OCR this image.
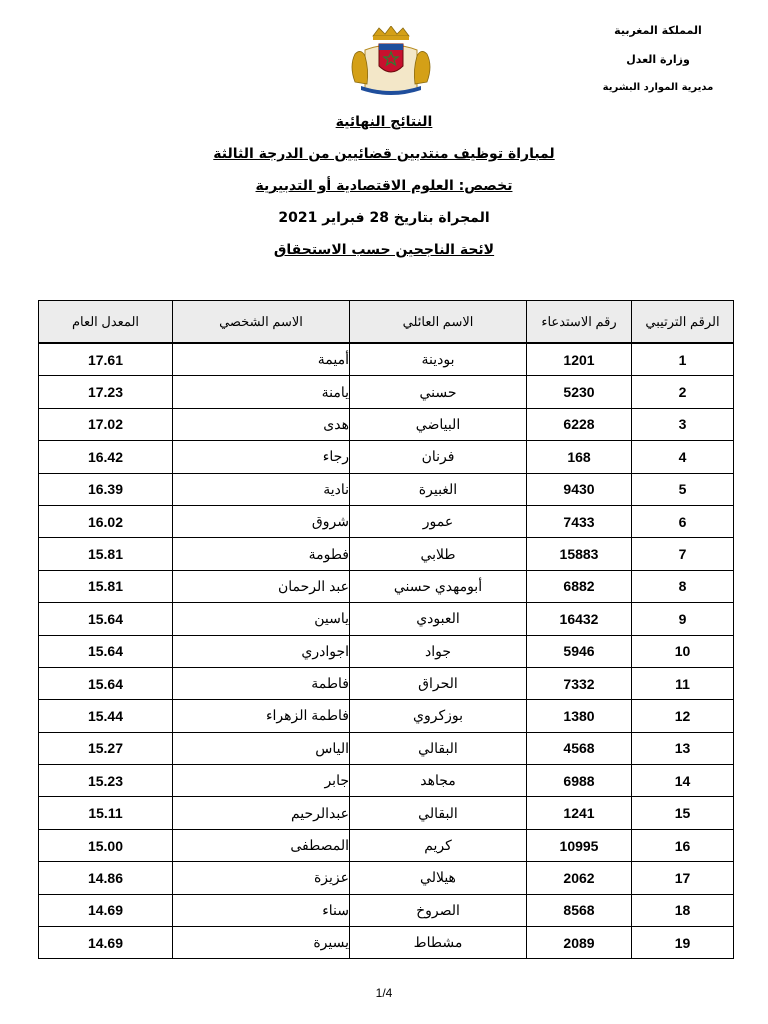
المملكة المغربية
وزارة العدل
مديرية الموارد البشرية
النتائج النهائية
لمباراة توظيف منتدبين قضائيين من الدرجة الثالثة
تخصص: العلوم الاقتصادية أو التدبيرية
المجراة بتاريخ 28 فبراير 2021
لائحة الناجحين حسب الاستحقاق
الرقم الترتيبي	رقم الاستدعاء	الاسم العائلي	الاسم الشخصي	المعدل العام
1	1201	بودينة	أميمة	17.61
2	5230	حسني	يامنة	17.23
3	6228	البياضي	هدى	17.02
4	168	فرنان	رجاء	16.42
5	9430	الغبيرة	نادية	16.39
6	7433	عمور	شروق	16.02
7	15883	طلابي	فطومة	15.81
8	6882	أبومهدي حسني	عبد الرحمان	15.81
9	16432	العبودي	ياسين	15.64
10	5946	جواد	اجوادري	15.64
11	7332	الحراق	فاطمة	15.64
12	1380	بوزكروي	فاطمة الزهراء	15.44
13	4568	البقالي	الياس	15.27
14	6988	مجاهد	جابر	15.23
15	1241	البقالي	عبدالرحيم	15.11
16	10995	كريم	المصطفى	15.00
17	2062	هيلالي	عزيزة	14.86
18	8568	الصروخ	سناء	14.69
19	2089	مشطاط	يسيرة	14.69
1/4
